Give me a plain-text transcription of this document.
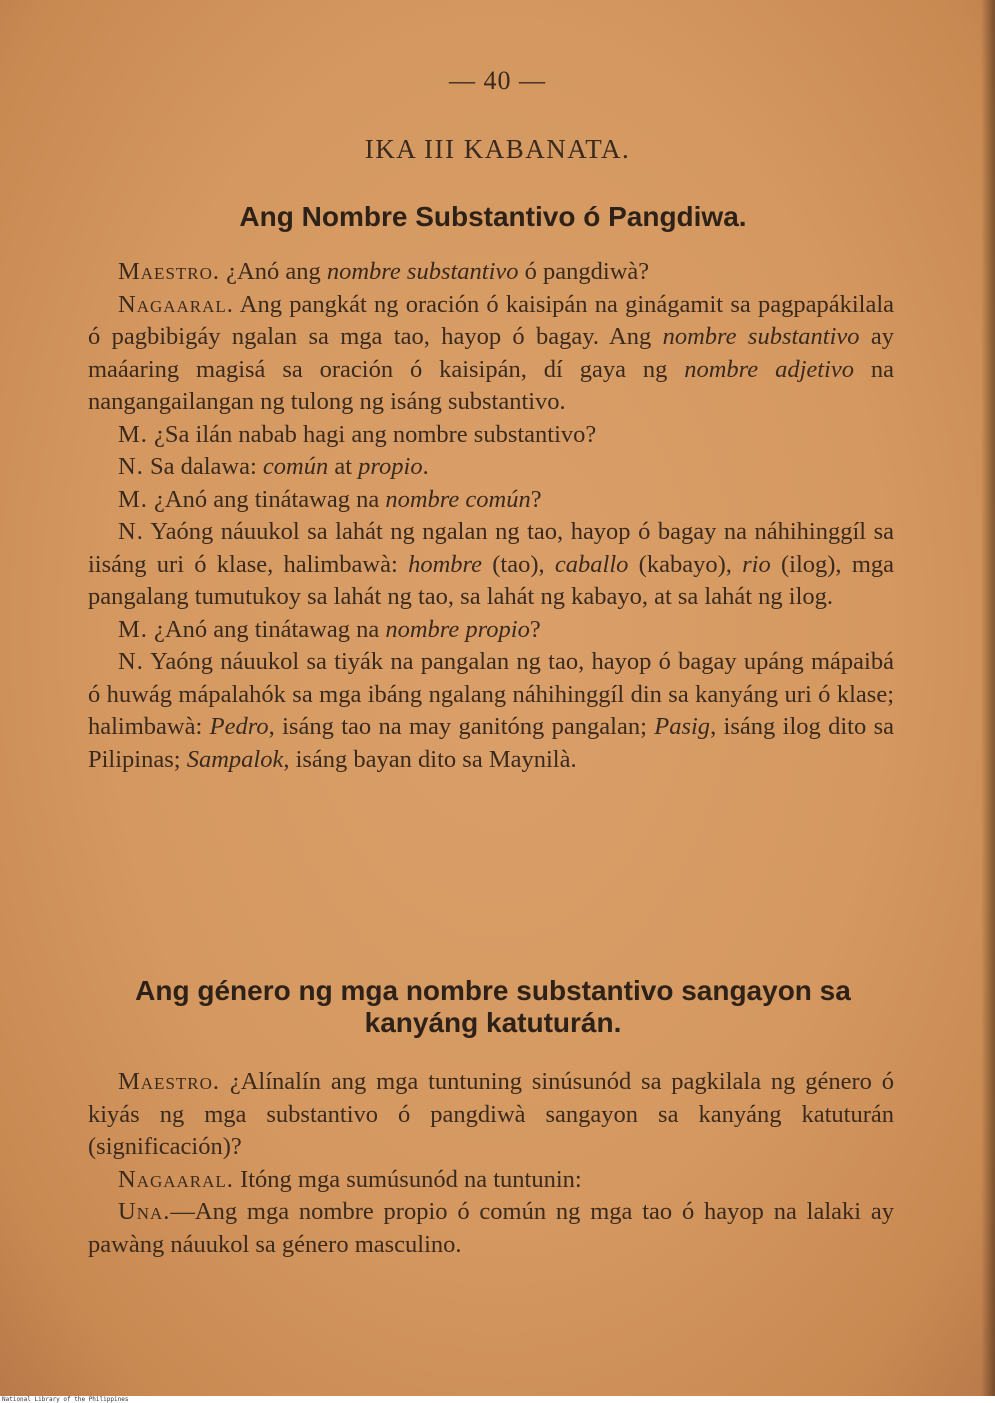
— 40 —
IKA III KABANATA.
Ang Nombre Substantivo ó Pangdiwa.

Maestro. ¿Anó ang nombre substantivo ó pangdiwà?

Nagaaral. Ang pangkát ng oración ó kaisipán na ginágamit sa pagpapákilala ó pagbibigáy ngalan sa mga tao, hayop ó bagay. Ang nombre substantivo ay maáaring magisá sa oración ó kaisipán, dí gaya ng nombre adjetivo na nangangailangan ng tulong ng isáng substantivo.

M. ¿Sa ilán nabab hagi ang nombre substantivo?

N. Sa dalawa: común at propio.

M. ¿Anó ang tinátawag na nombre común?

N. Yaóng náuukol sa lahát ng ngalan ng tao, hayop ó bagay na náhihinggíl sa iisáng uri ó klase, halimbawà: hombre (tao), caballo (kabayo), rio (ilog), mga pangalang tumutukoy sa lahát ng tao, sa lahát ng kabayo, at sa lahát ng ilog.

M. ¿Anó ang tinátawag na nombre propio?

N. Yaóng náuukol sa tiyák na pangalan ng tao, hayop ó bagay upáng mápaibá ó huwág mápalahók sa mga ibáng ngalang náhihinggíl din sa kanyáng uri ó klase; halimbawà: Pedro, isáng tao na may ganitóng pangalan; Pasig, isáng ilog dito sa Pilipinas; Sampalok, isáng bayan dito sa Maynilà.

Ang género ng mga nombre substantivo sangayon sa kanyáng katuturán.

Maestro. ¿Alínalín ang mga tuntuning sinúsunód sa pagkilala ng género ó kiyás ng mga substantivo ó pangdiwà sangayon sa kanyáng katuturán (significación)?

Nagaaral. Itóng mga sumúsunód na tuntunin:

Una.—Ang mga nombre propio ó común ng mga tao ó hayop na lalaki ay pawàng náuukol sa género masculino.

National Library of the Philippines
